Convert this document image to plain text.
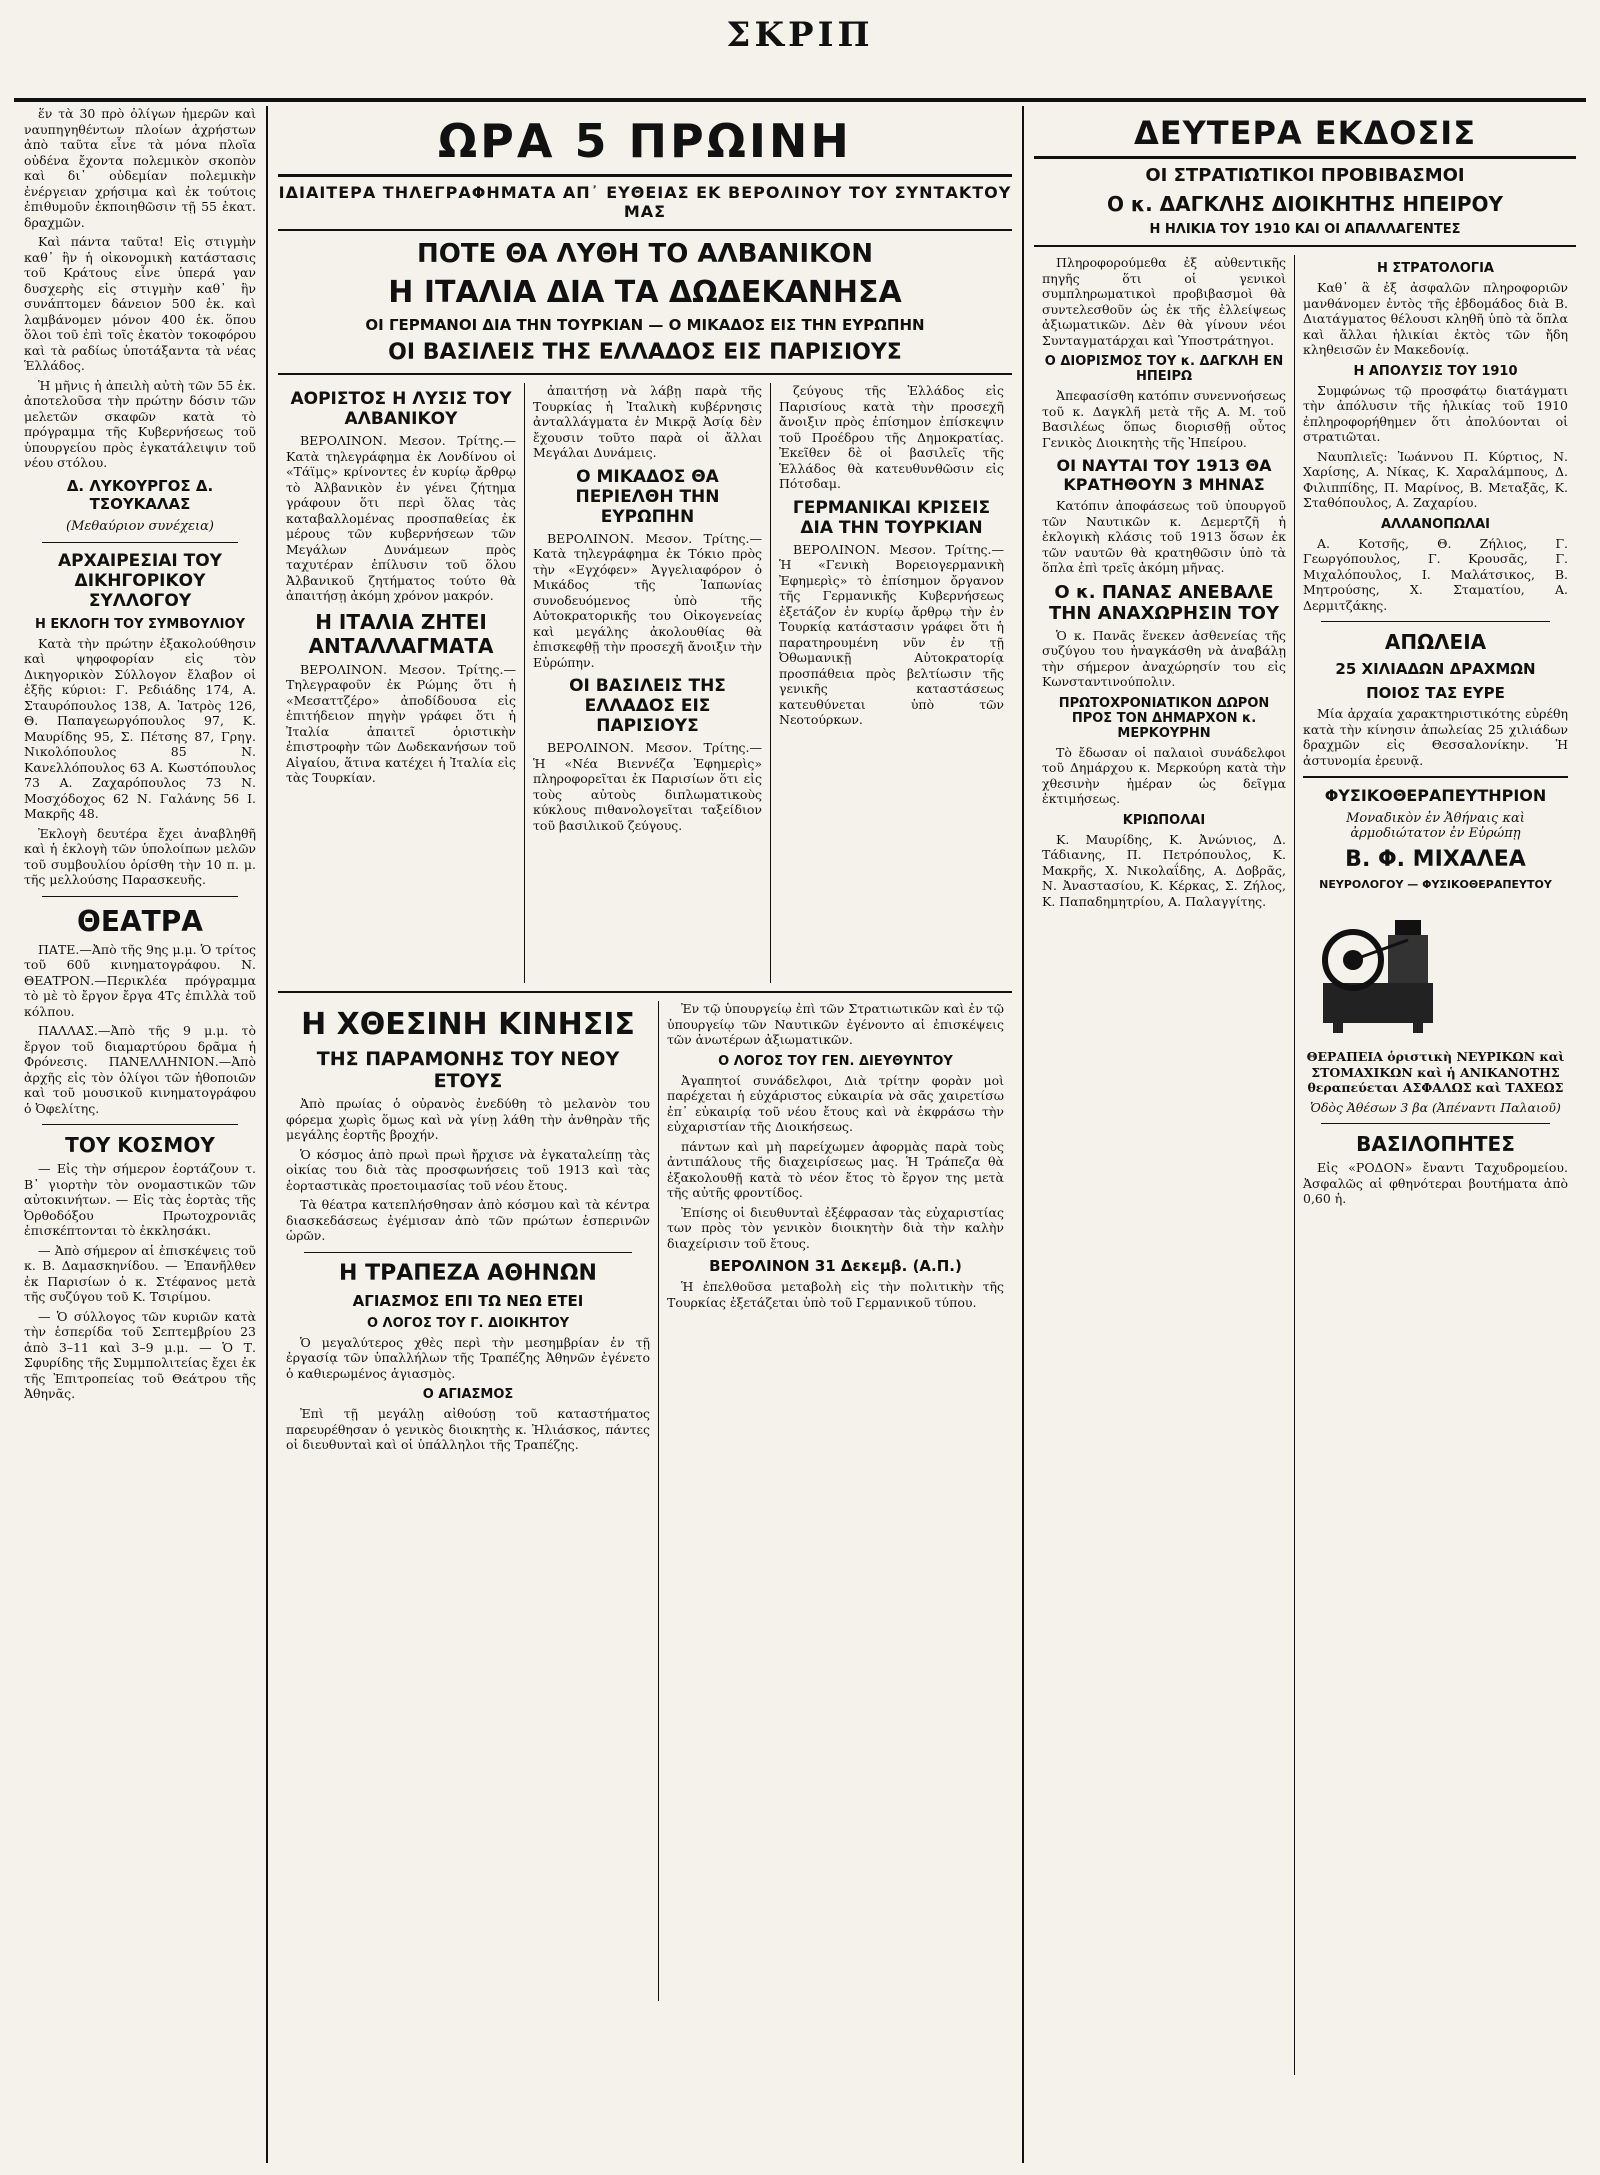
ΣΚΡΙΠ

ἕν τὰ 30 πρὸ ὀλίγων ἡμερῶν καὶ ναυπηγηθέντων πλοίων ἀχρήστων ἀπὸ ταῦτα εἶνε τὰ μόνα πλοῖα οὐδένα ἔχοντα πολεμικὸν σκοπὸν καὶ δι᾽ οὐδεμίαν πολεμικὴν ἐνέργειαν χρήσιμα καὶ ἐκ τούτοις ἐπιθυμοῦν ἐκποιηθῶσιν τῇ 55 ἑκατ. δραχμῶν.

Καὶ πάντα ταῦτα! Εἰς στιγμὴν καθ᾽ ἣν ἡ οἰκονομικὴ κατάστασις τοῦ Κράτους εἶνε ὑπερά γαν δυσχερὴς εἰς στιγμὴν καθ᾽ ἣν συνάπτομεν δάνειον 500 ἑκ. καὶ λαμβάνομεν μόνον 400 ἑκ. ὅπου ὅλοι τοῦ ἐπὶ τοῖς ἑκατὸν τοκοφόρου καὶ τὰ ραδίως ὑποτάξαντα τὰ νέας Ἑλλάδος.

Ἡ μῆνις ἡ ἀπειλὴ αὐτὴ τῶν 55 ἑκ. ἀποτελοῦσα τὴν πρώτην δόσιν τῶν μελετῶν σκαφῶν κατὰ τὸ πρόγραμμα τῆς Κυβερνήσεως τοῦ ὑπουργείου πρὸς ἐγκατάλειψιν τοῦ νέου στόλου.

Δ. ΛΥΚΟΥΡΓΟΣ Δ. ΤΣΟΥΚΑΛΑΣ
(Μεθαύριον συνέχεια)
ΑΡΧΑΙΡΕΣΙΑΙ ΤΟΥ ΔΙΚΗΓΟΡΙΚΟΥ ΣΥΛΛΟΓΟΥ
Η ΕΚΛΟΓΗ ΤΟΥ ΣΥΜΒΟΥΛΙΟΥ

Κατὰ τὴν πρώτην ἐξακολούθησιν καὶ ψηφοφορίαν εἰς τὸν Δικηγορικὸν Σύλλογον ἔλαβον οἱ ἑξῆς κύριοι: Γ. Ρεδιάδης 174, Α. Σταυρόπουλος 138, Α. Ἰατρὸς 126, Θ. Παπαγεωργόπουλος 97, Κ. Μαυρίδης 95, Σ. Πέτσης 87, Γρηγ. Νικολόπουλος 85 Ν. Κανελλόπουλος 63 Α. Κωστόπουλος 73 Α. Ζαχαρόπουλος 73 Ν. Μοσχόδοχος 62 Ν. Γαλάνης 56 Ι. Μακρῆς 48.

Ἐκλογὴ δευτέρα ἔχει ἀναβληθῆ καὶ ἡ ἐκλογὴ τῶν ὑπολοίπων μελῶν τοῦ συμβουλίου ὁρίσθη τὴν 10 π. μ. τῆς μελλούσης Παρασκευῆς.

ΘΕΑΤΡΑ

ΠΑΤΕ.—Ἀπὸ τῆς 9ης μ.μ. Ὁ τρίτος τοῦ 60ῦ κινηματογράφου. Ν. ΘΕΑΤΡΟΝ.—Περικλέα πρόγραμμα τὸ μὲ τὸ ἔργον ἔργα 4Τς ἐπιλλὰ τοῦ κόλπου.

ΠΑΛΛΑΣ.—Ἀπὸ τῆς 9 μ.μ. τὸ ἔργον τοῦ διαμαρτύρου δρᾶμα ἡ Φρόνεσις. ΠΑΝΕΛΛΗΝΙΟΝ.—Ἀπὸ ἀρχῆς εἰς τὸν ὀλίγοι τῶν ἠθοποιῶν καὶ τοῦ μουσικοῦ κινηματογράφου ὁ Ὀφελίτης.

ΤΟΥ ΚΟΣΜΟΥ

— Εἰς τὴν σήμερον ἑορτάζουν τ. Β᾽ γιορτὴν τὸν ονομαστικῶν τῶν αὐτοκινήτων. — Εἰς τὰς ἑορτὰς τῆς Ὀρθοδόξου Πρωτοχρονιᾶς ἐπισκέπτονται τὸ ἐκκλησάκι.

— Ἀπὸ σήμερον αἱ ἐπισκέψεις τοῦ κ. Β. Δαμασκηνίδου. — Ἐπανῆλθεν ἐκ Παρισίων ὁ κ. Στέφανος μετὰ τῆς συζύγου τοῦ Κ. Τσιρίμου.

— Ὁ σύλλογος τῶν κυριῶν κατὰ τὴν ἑσπερίδα τοῦ Σεπτεμβρίου 23 ἀπὸ 3–11 καὶ 3–9 μ.μ. — Ὁ Τ. Σφυρίδης τῆς Συμμπολιτείας ἔχει ἐκ τῆς Ἐπιτροπείας τοῦ Θεάτρου τῆς Ἀθηνᾶς.

ΩΡΑ 5 ΠΡΩΙΝΗ
ΙΔΙΑΙΤΕΡΑ ΤΗΛΕΓΡΑΦΗΜΑΤΑ ΑΠ᾽ ΕΥΘΕΙΑΣ ΕΚ ΒΕΡΟΛΙΝΟΥ ΤΟΥ ΣΥΝΤΑΚΤΟΥ ΜΑΣ
ΠΟΤΕ ΘΑ ΛΥΘΗ ΤΟ ΑΛΒΑΝΙΚΟΝ
Η ΙΤΑΛΙΑ ΔΙΑ ΤΑ ΔΩΔΕΚΑΝΗΣΑ
ΟΙ ΓΕΡΜΑΝΟΙ ΔΙΑ ΤΗΝ ΤΟΥΡΚΙΑΝ — Ο ΜΙΚΑΔΟΣ ΕΙΣ ΤΗΝ ΕΥΡΩΠΗΝ
ΟΙ ΒΑΣΙΛΕΙΣ ΤΗΣ ΕΛΛΑΔΟΣ ΕΙΣ ΠΑΡΙΣΙΟΥΣ
ΑΟΡΙΣΤΟΣ Η ΛΥΣΙΣ ΤΟΥ ΑΛΒΑΝΙΚΟΥ

ΒΕΡΟΛΙΝΟΝ. Μεσον. Τρίτης.— Κατὰ τηλεγράφημα ἐκ Λονδίνου οἱ «Τάϊμς» κρίνοντες ἐν κυρίῳ ἄρθρῳ τὸ Ἀλβανικὸν ἐν γένει ζήτημα γράφουν ὅτι περὶ ὅλας τὰς καταβαλλομένας προσπαθείας ἐκ μέρους τῶν κυβερνήσεων τῶν Μεγάλων Δυνάμεων πρὸς ταχυτέραν ἐπίλυσιν τοῦ ὅλου Ἀλβανικοῦ ζητήματος τούτο θὰ ἀπαιτήσῃ ἀκόμη χρόνον μακρόν.

Η ΙΤΑΛΙΑ ΖΗΤΕΙ ΑΝΤΑΛΛΑΓΜΑΤΑ

ΒΕΡΟΛΙΝΟΝ. Μεσον. Τρίτης.— Τηλεγραφοῦν ἐκ Ρώμης ὅτι ἡ «Μεσαττζέρο» ἀποδίδουσα εἰς ἐπιτήδειον πηγὴν γράφει ὅτι ἡ Ἰταλία ἀπαιτεῖ ὁριστικὴν ἐπιστροφὴν τῶν Δωδεκανήσων τοῦ Αἰγαίου, ἅτινα κατέχει ἡ Ἰταλία εἰς τὰς Τουρκίαν.

ἀπαιτήσῃ νὰ λάβῃ παρὰ τῆς Τουρκίας ἡ Ἰταλικὴ κυβέρνησις ἀνταλλάγματα ἐν Μικρᾷ Ἀσίᾳ δὲν ἔχουσιν τοῦτο παρὰ οἱ ἄλλαι Μεγάλαι Δυνάμεις.

Ο ΜΙΚΑΔΟΣ ΘΑ ΠΕΡΙΕΛΘΗ ΤΗΝ ΕΥΡΩΠΗΝ

ΒΕΡΟΛΙΝΟΝ. Μεσον. Τρίτης.— Κατὰ τηλεγράφημα ἐκ Τόκιο πρὸς τὴν «Εγχόφεν» Ἀγγελιαφόρον ὁ Μικάδος τῆς Ἰαπωνίας συνοδευόμενος ὑπὸ τῆς Αὐτοκρατορικῆς του Οἰκογενείας καὶ μεγάλης ἀκολουθίας θὰ ἐπισκεφθῇ τὴν προσεχῆ ἄνοιξιν τὴν Εὐρώπην.

ΟΙ ΒΑΣΙΛΕΙΣ ΤΗΣ ΕΛΛΑΔΟΣ ΕΙΣ ΠΑΡΙΣΙΟΥΣ

ΒΕΡΟΛΙΝΟΝ. Μεσον. Τρίτης.— Ἡ «Νέα Βιεννέζα Ἐφημερὶς» πληροφορεῖται ἐκ Παρισίων ὅτι εἰς τοὺς αὐτοὺς διπλωματικοὺς κύκλους πιθανολογεῖται ταξείδιον τοῦ βασιλικοῦ ζεύγους.

ζεύγους τῆς Ἑλλάδος εἰς Παρισίους κατὰ τὴν προσεχῆ ἄνοιξιν πρὸς ἐπίσημον ἐπίσκεψιν τοῦ Προέδρου τῆς Δημοκρατίας. Ἐκεῖθεν δὲ οἱ βασιλεῖς τῆς Ἑλλάδος θὰ κατευθυνθῶσιν εἰς Πότσδαμ.

ΓΕΡΜΑΝΙΚΑΙ ΚΡΙΣΕΙΣ ΔΙΑ ΤΗΝ ΤΟΥΡΚΙΑΝ

ΒΕΡΟΛΙΝΟΝ. Μεσον. Τρίτης.— Ἡ «Γενικὴ Βορειογερμανικὴ Ἐφημερὶς» τὸ ἐπίσημον ὄργανον τῆς Γερμανικῆς Κυβερνήσεως ἐξετάζον ἐν κυρίῳ ἄρθρῳ τὴν ἐν Τουρκίᾳ κατάστασιν γράφει ὅτι ἡ παρατηρουμένη νῦν ἐν τῇ Ὀθωμανικῇ Αὐτοκρατορίᾳ προσπάθεια πρὸς βελτίωσιν τῆς γενικῆς καταστάσεως κατευθύνεται ὑπὸ τῶν Νεοτούρκων.

Η ΧΘΕΣΙΝΗ ΚΙΝΗΣΙΣ
ΤΗΣ ΠΑΡΑΜΟΝΗΣ ΤΟΥ ΝΕΟΥ ΕΤΟΥΣ

Ἀπὸ πρωίας ὁ οὐρανὸς ἐνεδύθη τὸ μελανὸν του φόρεμα χωρὶς ὅμως καὶ νὰ γίνῃ λάθη τὴν ἀνθηρὰν τῆς μεγάλης ἑορτῆς βροχήν.

Ὁ κόσμος ἀπὸ πρωὶ πρωὶ ἤρχισε νὰ ἐγκαταλείπῃ τὰς οἰκίας του διὰ τὰς προσφωνήσεις τοῦ 1913 καὶ τὰς ἑορταστικὰς προετοιμασίας τοῦ νέου ἔτους.

Τὰ θέατρα κατεπλήσθησαν ἀπὸ κόσμου καὶ τὰ κέντρα διασκεδάσεως ἐγέμισαν ἀπὸ τῶν πρώτων ἑσπερινῶν ὡρῶν.

Η ΤΡΑΠΕΖΑ ΑΘΗΝΩΝ
ΑΓΙΑΣΜΟΣ ΕΠΙ ΤΩ ΝΕΩ ΕΤΕΙ
Ο ΛΟΓΟΣ ΤΟΥ Γ. ΔΙΟΙΚΗΤΟΥ

Ὁ μεγαλύτερος χθὲς περὶ τὴν μεσημβρίαν ἐν τῇ ἐργασίᾳ τῶν ὑπαλλήλων τῆς Τραπέζης Ἀθηνῶν ἐγένετο ὁ καθιερωμένος ἁγιασμὸς.

Ο ΑΓΙΑΣΜΟΣ

Ἐπὶ τῇ μεγάλῃ αἰθούσῃ τοῦ καταστήματος παρευρέθησαν ὁ γενικὸς διοικητὴς κ. Ἠλιάσκος, πάντες οἱ διευθυνταὶ καὶ οἱ ὑπάλληλοι τῆς Τραπέζης.

Ἐν τῷ ὑπουργείῳ ἐπὶ τῶν Στρατιωτικῶν καὶ ἐν τῷ ὑπουργείῳ τῶν Ναυτικῶν ἐγένοντο αἱ ἐπισκέψεις τῶν ἀνωτέρων ἀξιωματικῶν.

Ο ΛΟΓΟΣ ΤΟΥ ΓΕΝ. ΔΙΕΥΘΥΝΤΟΥ

Ἀγαπητοί συνάδελφοι, Διὰ τρίτην φορὰν μοὶ παρέχεται ἡ εὐχάριστος εὐκαιρία νὰ σᾶς χαιρετίσω ἐπ᾽ εὐκαιρίᾳ τοῦ νέου ἔτους καὶ νὰ ἐκφράσω τὴν εὐχαριστίαν τῆς Διοικήσεως.

πάντων καὶ μὴ παρείχωμεν ἀφορμὰς παρὰ τοὺς ἀντιπάλους τῆς διαχειρίσεως μας. Ἡ Τράπεζα θὰ ἐξακολουθῇ κατὰ τὸ νέον ἔτος τὸ ἔργον της μετὰ τῆς αὐτῆς φροντίδος.

Ἐπίσης οἱ διευθυνταὶ ἐξέφρασαν τὰς εὐχαριστίας των πρὸς τὸν γενικὸν διοικητὴν διὰ τὴν καλὴν διαχείρισιν τοῦ ἔτους.

ΒΕΡΟΛΙΝΟΝ 31 Δεκεμβ. (Α.Π.)

Ἡ ἐπελθοῦσα μεταβολὴ εἰς τὴν πολιτικὴν τῆς Τουρκίας ἐξετάζεται ὑπὸ τοῦ Γερμανικοῦ τύπου.

ΔΕΥΤΕΡΑ ΕΚΔΟΣΙΣ
ΟΙ ΣΤΡΑΤΙΩΤΙΚΟΙ ΠΡΟΒΙΒΑΣΜΟΙ
Ο κ. ΔΑΓΚΛΗΣ ΔΙΟΙΚΗΤΗΣ ΗΠΕΙΡΟΥ
Η ΗΛΙΚΙΑ ΤΟΥ 1910 ΚΑΙ ΟΙ ΑΠΑΛΛΑΓΕΝΤΕΣ

Πληροφορούμεθα ἐξ αὐθεντικῆς πηγῆς ὅτι οἱ γενικοὶ συμπληρωματικοὶ προβιβασμοὶ θὰ συντελεσθοῦν ὡς ἐκ τῆς ἐλλείψεως ἀξιωματικῶν. Δὲν θὰ γίνουν νέοι Συνταγματάρχαι καὶ Ὑποστράτηγοι.

Ο ΔΙΟΡΙΣΜΟΣ ΤΟΥ κ. ΔΑΓΚΛΗ ΕΝ ΗΠΕΙΡΩ

Ἀπεφασίσθη κατόπιν συνεννοήσεως τοῦ κ. Δαγκλῆ μετὰ τῆς Α. Μ. τοῦ Βασιλέως ὅπως διορισθῇ οὗτος Γενικὸς Διοικητὴς τῆς Ἠπείρου.

ΟΙ ΝΑΥΤΑΙ ΤΟΥ 1913 ΘΑ ΚΡΑΤΗΘΟΥΝ 3 ΜΗΝΑΣ

Κατόπιν ἀποφάσεως τοῦ ὑπουργοῦ τῶν Ναυτικῶν κ. Δεμερτζῆ ἡ ἐκλογικὴ κλάσις τοῦ 1913 ὅσων ἐκ τῶν ναυτῶν θὰ κρατηθῶσιν ὑπὸ τὰ ὅπλα ἐπὶ τρεῖς ἀκόμη μῆνας.

Ο κ. ΠΑΝΑΣ ΑΝΕΒΑΛΕ ΤΗΝ ΑΝΑΧΩΡΗΣΙΝ ΤΟΥ

Ὁ κ. Πανᾶς ἕνεκεν ἀσθενείας τῆς συζύγου του ἠναγκάσθη νὰ ἀναβάλῃ τὴν σήμερον ἀναχώρησίν του εἰς Κωνσταντινούπολιν.

ΠΡΩΤΟΧΡΟΝΙΑΤΙΚΟΝ ΔΩΡΟΝ ΠΡΟΣ ΤΟΝ ΔΗΜΑΡΧΟΝ κ. ΜΕΡΚΟΥΡΗΝ

Τὸ ἔδωσαν οἱ παλαιοὶ συνάδελφοι τοῦ Δημάρχου κ. Μερκούρη κατὰ τὴν χθεσινὴν ἡμέραν ὡς δεῖγμα ἐκτιμήσεως.

ΚΡΙΩΠΟΛΑΙ

Κ. Μαυρίδης, Κ. Ἀνώνιος, Δ. Τάδιανης, Π. Πετρόπουλος, Κ. Μακρῆς, Χ. Νικολαΐδης, Α. Δοβρᾶς, Ν. Ἀναστασίου, Κ. Κέρκας, Σ. Ζήλος, Κ. Παπαδημητρίου, Α. Παλαγγίτης.

Η ΣΤΡΑΤΟΛΟΓΙΑ

Καθ᾽ ἃ ἐξ ἀσφαλῶν πληροφοριῶν μανθάνομεν ἐντὸς τῆς ἑβδομάδος διὰ Β. Διατάγματος θέλουσι κληθῆ ὑπὸ τὰ ὅπλα καὶ ἄλλαι ἡλικίαι ἐκτὸς τῶν ἤδη κληθεισῶν ἐν Μακεδονίᾳ.

Η ΑΠΟΛΥΣΙΣ ΤΟΥ 1910

Συμφώνως τῷ προσφάτῳ διατάγματι τὴν ἀπόλυσιν τῆς ἡλικίας τοῦ 1910 ἐπληροφορήθημεν ὅτι ἀπολύονται οἱ στρατιῶται.

Ναυπλιεῖς: Ἰωάννου Π. Κύρτιος, Ν. Χαρίσης, Α. Νίκας, Κ. Χαραλάμπους, Δ. Φιλιππίδης, Π. Μαρίνος, Β. Μεταξᾶς, Κ. Σταθόπουλος, Α. Ζαχαρίου.

ΑΛΛΑΝΟΠΩΛΑΙ

Α. Κοτσῆς, Θ. Ζήλιος, Γ. Γεωργόπουλος, Γ. Κρουσᾶς, Γ. Μιχαλόπουλος, Ι. Μαλάτσικος, Β. Μητρούσης, Χ. Σταματίου, Α. Δερμιτζάκης.

ΑΠΩΛΕΙΑ
25 ΧΙΛΙΑΔΩΝ ΔΡΑΧΜΩΝ
ΠΟΙΟΣ ΤΑΣ ΕΥΡΕ

Μία ἀρχαία χαρακτηριστικότης εὑρέθη κατὰ τὴν κίνησιν ἀπωλείας 25 χιλιάδων δραχμῶν εἰς Θεσσαλονίκην. Ἡ ἀστυνομία ἐρευνᾷ.

ΦΥΣΙΚΟΘΕΡΑΠΕΥΤΗΡΙΟΝ
Μοναδικὸν ἐν Ἀθήναις καὶ ἀρμοδιώτατον ἐν Εὐρώπῃ
Β. Φ. ΜΙΧΑΛΕΑ
ΝΕΥΡΟΛΟΓΟΥ — ΦΥΣΙΚΟΘΕΡΑΠΕΥΤΟΥ

ΘΕΡΑΠΕΙΑ ὁριστικὴ ΝΕΥΡΙΚΩΝ καὶ ΣΤΟΜΑΧΙΚΩΝ καὶ ἡ ΑΝΙΚΑΝΟΤΗΣ θεραπεύεται ΑΣΦΑΛΩΣ καὶ ΤΑΧΕΩΣ

Ὁδὸς Ἀθέσων 3 βα (Ἀπέναντι Παλαιοῦ)

ΒΑΣΙΛΟΠΗΤΕΣ

Εἰς «ΡΟΔΟΝ» ἔναντι Ταχυδρομείου. Ἀσφαλῶς αἱ φθηνότεραι βουτήματα ἀπὸ 0,60 ἡ.
